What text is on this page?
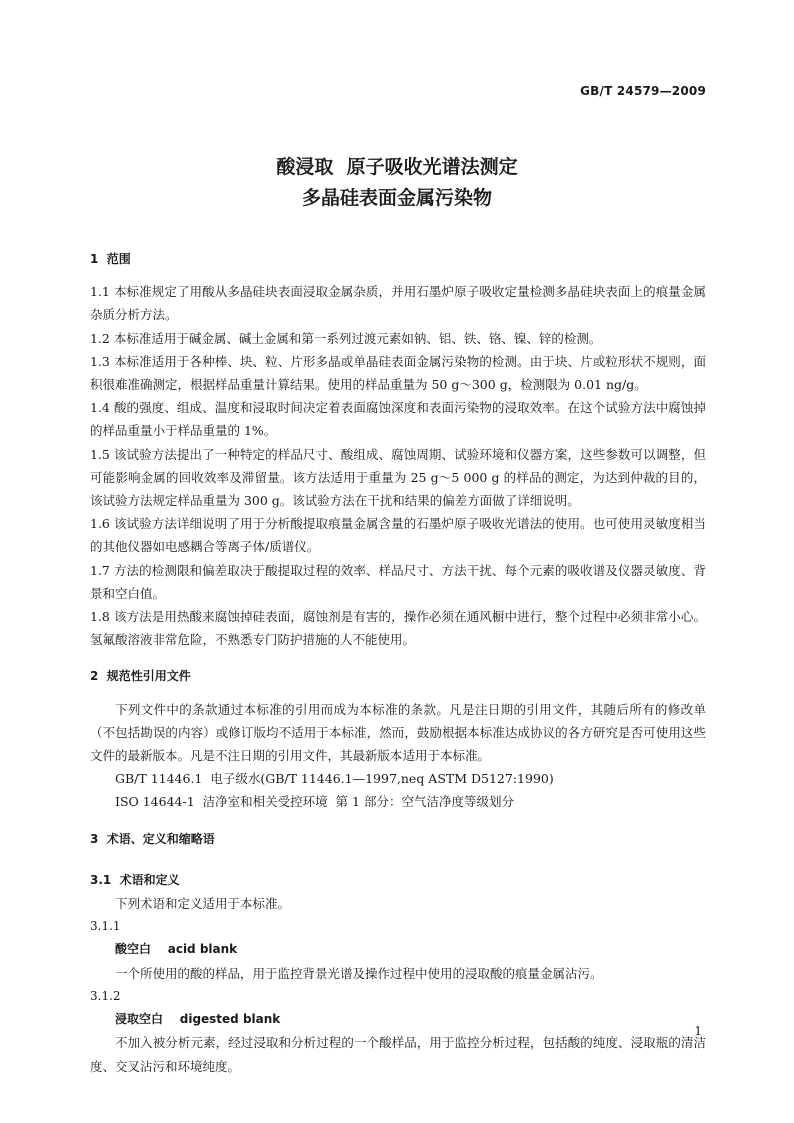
GB/T 24579—2009
酸浸取  原子吸收光谱法测定
多晶硅表面金属污染物
1  范围

1.1 本标准规定了用酸从多晶硅块表面浸取金属杂质，并用石墨炉原子吸收定量检测多晶硅块表面上的痕量金属杂质分析方法。

1.2 本标准适用于碱金属、碱土金属和第一系列过渡元素如钠、铝、铁、铬、镍、锌的检测。

1.3 本标准适用于各种棒、块、粒、片形多晶或单晶硅表面金属污染物的检测。由于块、片或粒形状不规则，面积很难准确测定，根据样品重量计算结果。使用的样品重量为 50 g～300 g，检测限为 0.01 ng/g。

1.4 酸的强度、组成、温度和浸取时间决定着表面腐蚀深度和表面污染物的浸取效率。在这个试验方法中腐蚀掉的样品重量小于样品重量的 1%。

1.5 该试验方法提出了一种特定的样品尺寸、酸组成、腐蚀周期、试验环境和仪器方案，这些参数可以调整，但可能影响金属的回收效率及滞留量。该方法适用于重量为 25 g～5 000 g 的样品的测定，为达到仲裁的目的，该试验方法规定样品重量为 300 g。该试验方法在干扰和结果的偏差方面做了详细说明。

1.6 该试验方法详细说明了用于分析酸提取痕量金属含量的石墨炉原子吸收光谱法的使用。也可使用灵敏度相当的其他仪器如电感耦合等离子体/质谱仪。

1.7 方法的检测限和偏差取决于酸提取过程的效率、样品尺寸、方法干扰、每个元素的吸收谱及仪器灵敏度、背景和空白值。

1.8 该方法是用热酸来腐蚀掉硅表面，腐蚀剂是有害的，操作必须在通风橱中进行，整个过程中必须非常小心。氢氟酸溶液非常危险，不熟悉专门防护措施的人不能使用。

2  规范性引用文件

下列文件中的条款通过本标准的引用而成为本标准的条款。凡是注日期的引用文件，其随后所有的修改单（不包括勘误的内容）或修订版均不适用于本标准，然而，鼓励根据本标准达成协议的各方研究是否可使用这些文件的最新版本。凡是不注日期的引用文件，其最新版本适用于本标准。

GB/T 11446.1  电子级水(GB/T 11446.1—1997,neq ASTM D5127:1990)

ISO 14644-1  洁净室和相关受控环境  第 1 部分：空气洁净度等级划分

3  术语、定义和缩略语
3.1  术语和定义

下列术语和定义适用于本标准。

3.1.1

酸空白 acid blank

一个所使用的酸的样品，用于监控背景光谱及操作过程中使用的浸取酸的痕量金属沾污。

3.1.2

浸取空白 digested blank

不加入被分析元素，经过浸取和分析过程的一个酸样品，用于监控分析过程，包括酸的纯度、浸取瓶的清洁度、交叉沾污和环境纯度。

1
